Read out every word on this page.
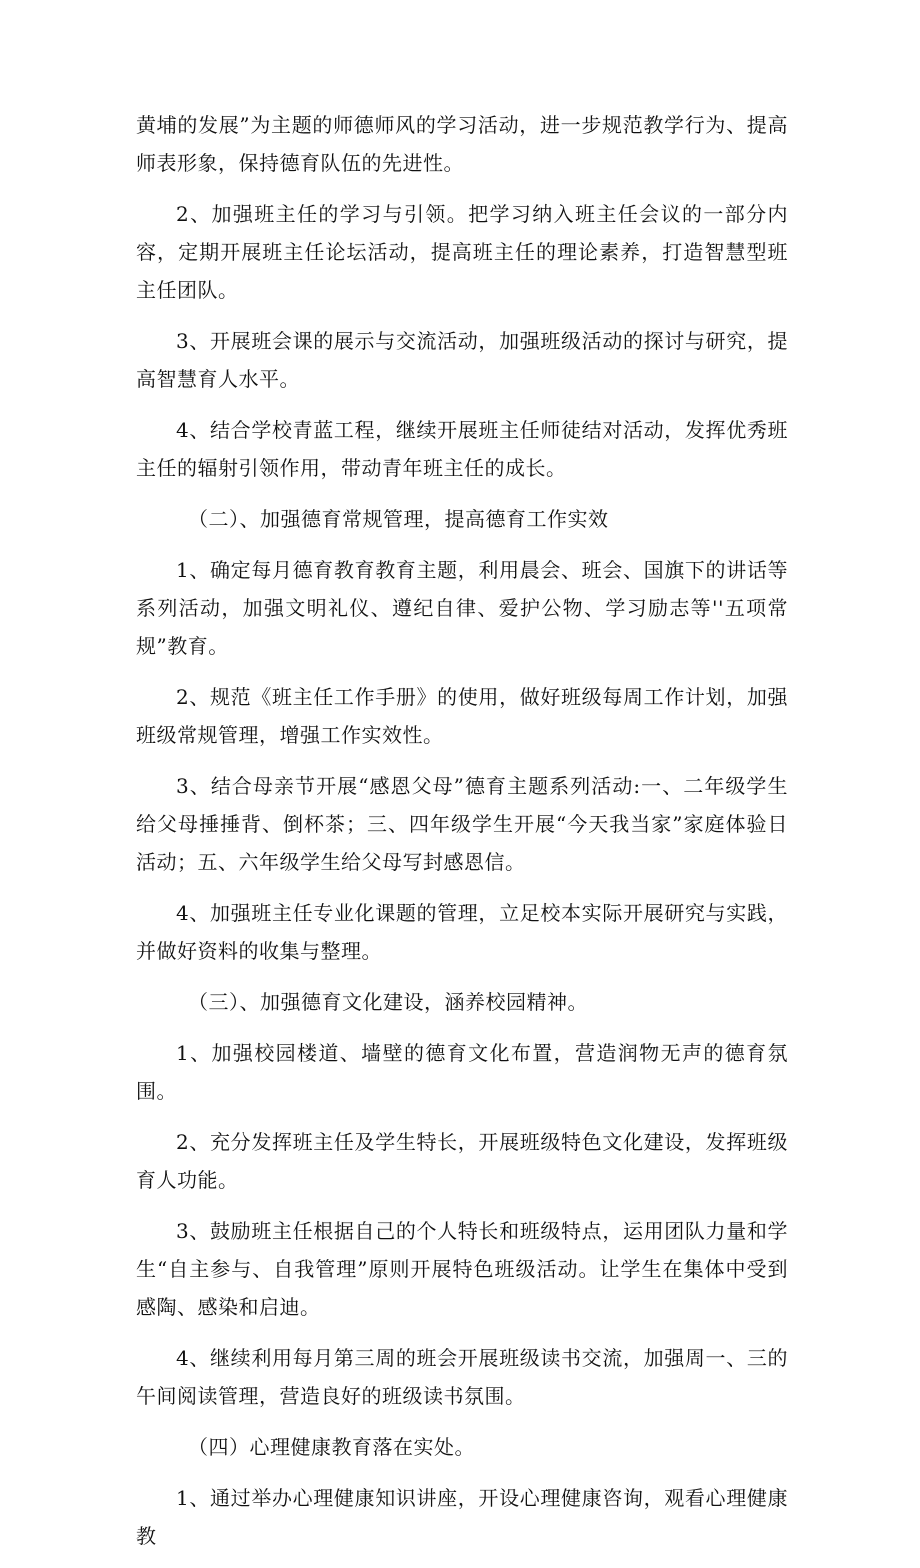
黄埔的发展”为主题的师德师风的学习活动，进一步规范教学行为、提高师表形象，保持德育队伍的先进性。

2、加强班主任的学习与引领。把学习纳入班主任会议的一部分内容，定期开展班主任论坛活动，提高班主任的理论素养，打造智慧型班主任团队。

3、开展班会课的展示与交流活动，加强班级活动的探讨与研究，提高智慧育人水平。

4、结合学校青蓝工程，继续开展班主任师徒结对活动，发挥优秀班主任的辐射引领作用，带动青年班主任的成长。

（二）、加强德育常规管理，提高德育工作实效

1、确定每月德育教育教育主题，利用晨会、班会、国旗下的讲话等系列活动，加强文明礼仪、遵纪自律、爱护公物、学习励志等''五项常规”教育。

2、规范《班主任工作手册》的使用，做好班级每周工作计划，加强班级常规管理，增强工作实效性。

3、结合母亲节开展“感恩父母”德育主题系列活动:一、二年级学生给父母捶捶背、倒杯茶；三、四年级学生开展“今天我当家”家庭体验日活动；五、六年级学生给父母写封感恩信。

4、加强班主任专业化课题的管理，立足校本实际开展研究与实践，并做好资料的收集与整理。

（三）、加强德育文化建设，涵养校园精神。

1、加强校园楼道、墙壁的德育文化布置，营造润物无声的德育氛围。

2、充分发挥班主任及学生特长，开展班级特色文化建设，发挥班级育人功能。

3、鼓励班主任根据自己的个人特长和班级特点，运用团队力量和学生“自主参与、自我管理”原则开展特色班级活动。让学生在集体中受到感陶、感染和启迪。

4、继续利用每月第三周的班会开展班级读书交流，加强周一、三的午间阅读管理，营造良好的班级读书氛围。

（四）心理健康教育落在实处。

1、通过举办心理健康知识讲座，开设心理健康咨询，观看心理健康教
